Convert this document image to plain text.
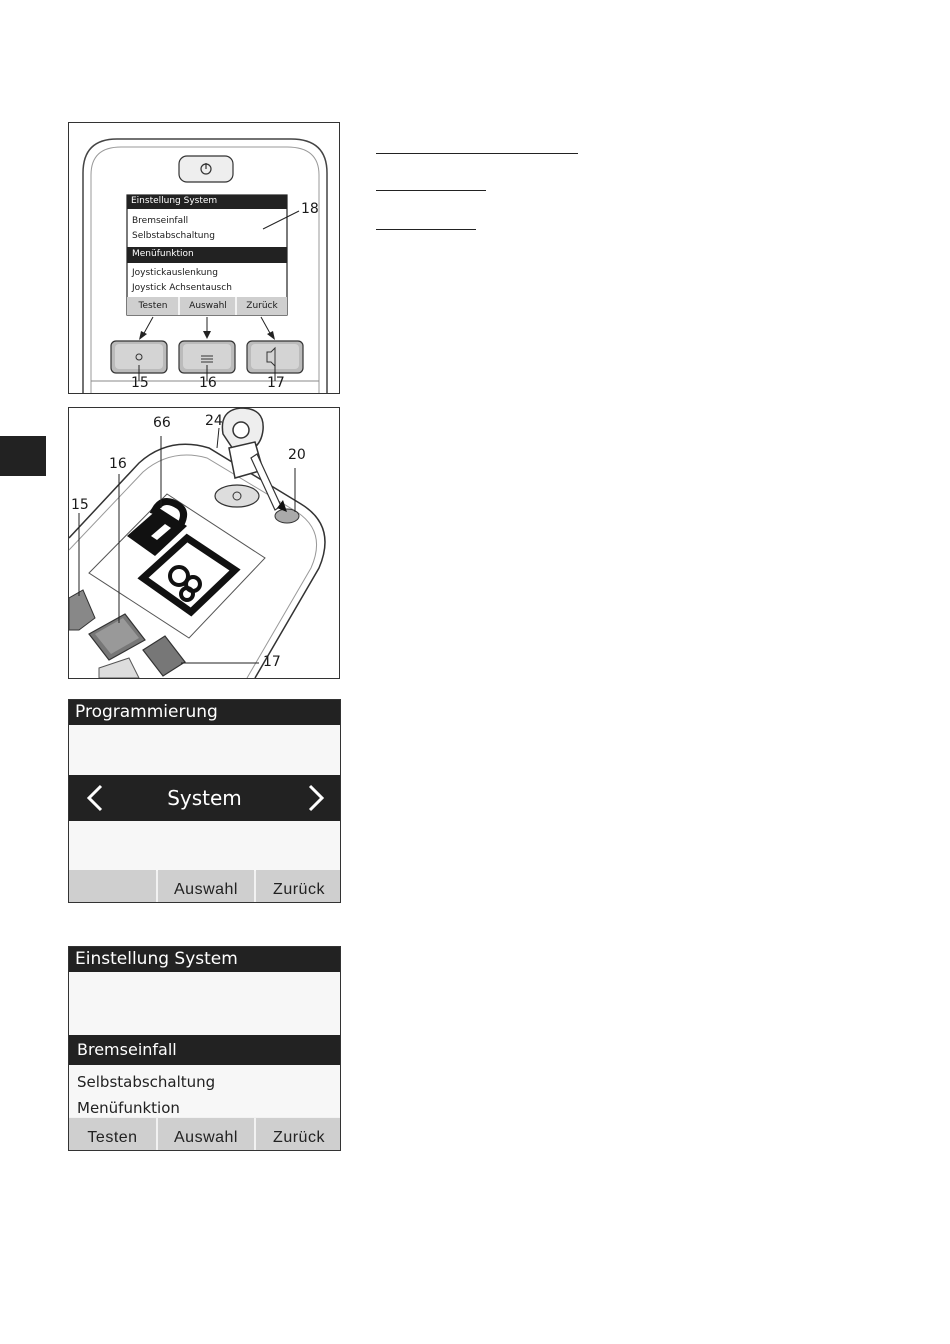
Einstellung System
Bremseinfall
Selbstabschaltung
Menüfunktion
Joystickauslenkung
Joystick Achsentausch
Testen	Auswahl	Zurück
18
15	16	17
66 24
20
16
15
17
Programmierung
System
Auswahl	Zurück
Einstellung System
Bremseinfall
Selbstabschaltung
Menüfunktion
Testen	Auswahl	Zurück
